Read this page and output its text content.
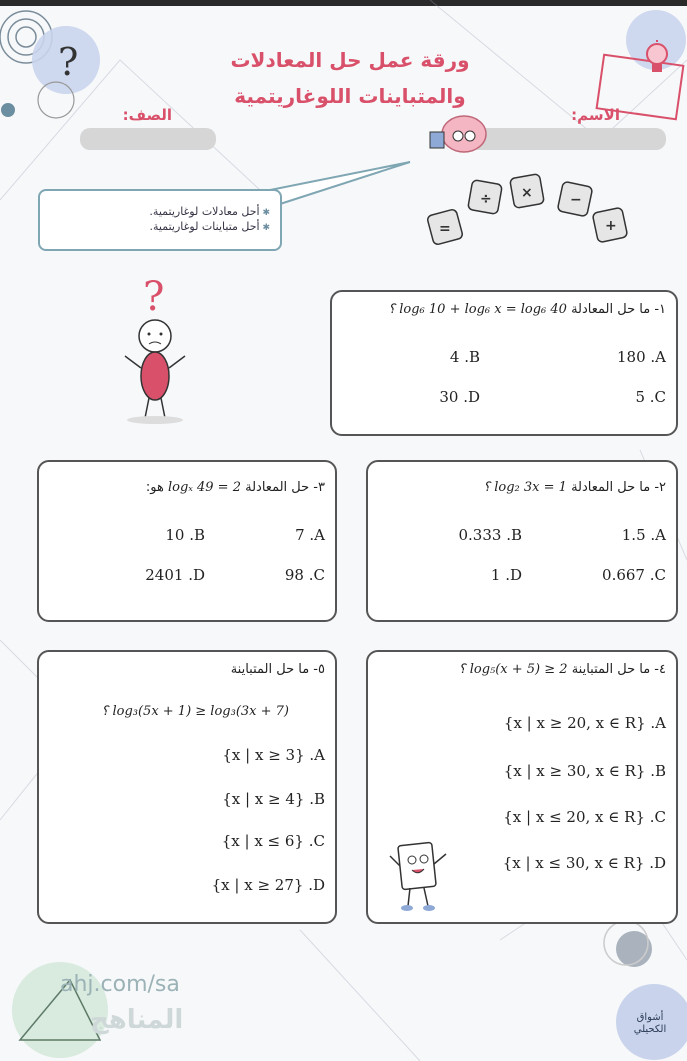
?	ورقة عمل حل المعادلات
والمتباينات اللوغاريتمية
الاسم:
الصف:
✱ أحل معادلات لوغاريتمية.
✱ أحل متباينات لوغاريتمية.	=
÷ ×	−
+
?	١- ما حل المعادلة log₆ 10 + log₆ x = log₆ 40 ؟
180 .A
4 .B
5 .C
30 .D
٢- ما حل المعادلة log₂ 3x = 1 ؟
1.5 .A
0.333 .B
0.667 .C
1 .D
٣- حل المعادلة logₓ 49 = 2 هو:
7 .A
10 .B
98 .C
2401 .D
٤- ما حل المتباينة log₅(x + 5) ≥ 2 ؟
{x | x ≥ 20, x ∈ R} .A
{x | x ≥ 30, x ∈ R} .B
{x | x ≤ 20, x ∈ R} .C
{x | x ≤ 30, x ∈ R} .D
٥- ما حل المتباينة
log₃(5x + 1) ≥ log₃(3x + 7) ؟
{x | x ≥ 3} .A
{x | x ≥ 4} .B
{x | x ≤ 6} .C
{x | x ≥ 27} .D
ahj.com/sa
المناهج	أشواق الكحيلي
